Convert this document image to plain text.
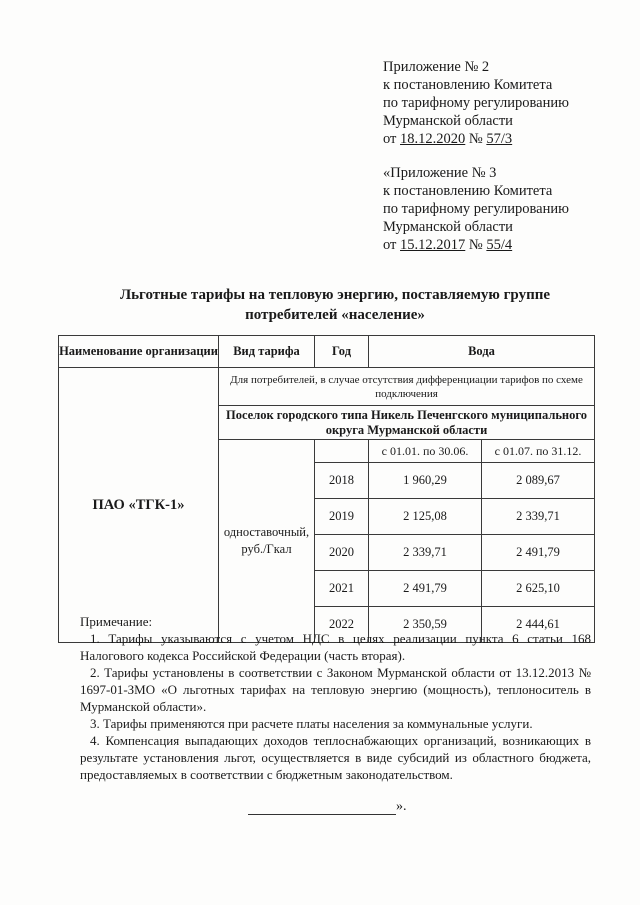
Приложение № 2
к постановлению Комитета
по тарифному регулированию
Мурманской области
от 18.12.2020 № 57/3
«Приложение № 3
к постановлению Комитета
по тарифному регулированию
Мурманской области
от 15.12.2017 № 55/4
Льготные тарифы на тепловую энергию, поставляемую группе
потребителей «население»
Наименование организации	Вид тарифа	Год	Вода	
ПАО «ТГК-1»	Для потребителей, в случае отсутствия дифференциации тарифов по схеме подключения			
	Поселок городского типа Никель Печенгского муниципального округа Мурманской области			
	одноставочный, руб./Гкал		с 01.01. по 30.06.	с 01.07. по 31.12.
		2018	1 960,29	2 089,67
		2019	2 125,08	2 339,71
		2020	2 339,71	2 491,79
		2021	2 491,79	2 625,10
		2022	2 350,59	2 444,61

Примечание:

1. Тарифы указываются с учетом НДС в целях реализации пункта 6 статьи 168 Налогового кодекса Российской Федерации (часть вторая).

2. Тарифы установлены в соответствии с Законом Мурманской области от 13.12.2013 № 1697-01-ЗМО «О льготных тарифах на тепловую энергию (мощность), теплоноситель в Мурманской области».

3. Тарифы применяются при расчете платы населения за коммунальные услуги.

4. Компенсация выпадающих доходов теплоснабжающих организаций, возникающих в результате установления льгот, осуществляется в виде субсидий из областного бюджета, предоставляемых в соответствии с бюджетным законодательством.

».
